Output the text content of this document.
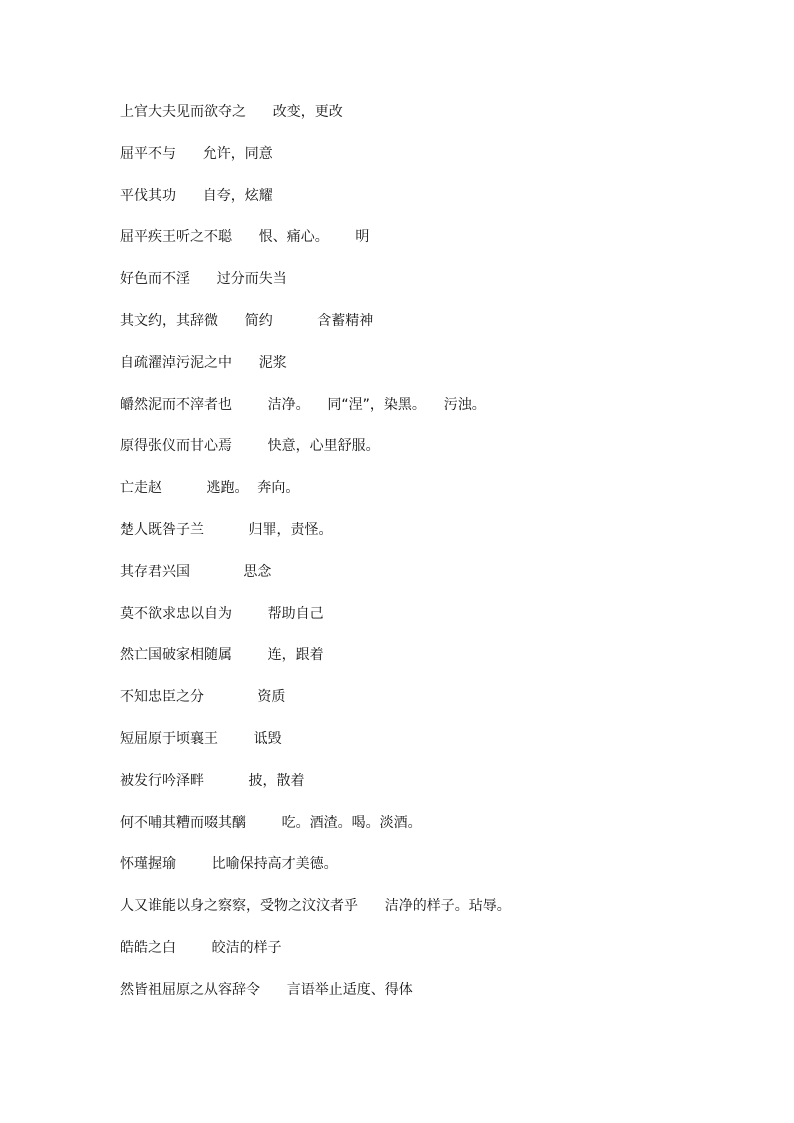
上官大夫见而欲夺之      改变，更改
屈平不与      允许，同意
平伐其功      自夸，炫耀
屈平疾王听之不聪      恨、痛心。      明
好色而不淫      过分而失当
其文约，其辞微      简约          含蓄精神
自疏濯淖污泥之中      泥浆
皭然泥而不滓者也        洁净。    同“涅”，染黑。    污浊。
原得张仪而甘心焉        快意，心里舒服。
亡走赵          逃跑。  奔向。
楚人既咎子兰          归罪，责怪。
其存君兴国            思念
莫不欲求忠以自为        帮助自己
然亡国破家相随属        连，跟着
不知忠臣之分            资质
短屈原于顷襄王        诋毁
被发行吟泽畔          披，散着
何不哺其糟而啜其醨        吃。酒渣。喝。淡酒。
怀瑾握瑜        比喻保持高才美德。
人又谁能以身之察察，受物之汶汶者乎      洁净的样子。玷辱。
皓皓之白        皎洁的样子
然皆祖屈原之从容辞令      言语举止适度、得体
